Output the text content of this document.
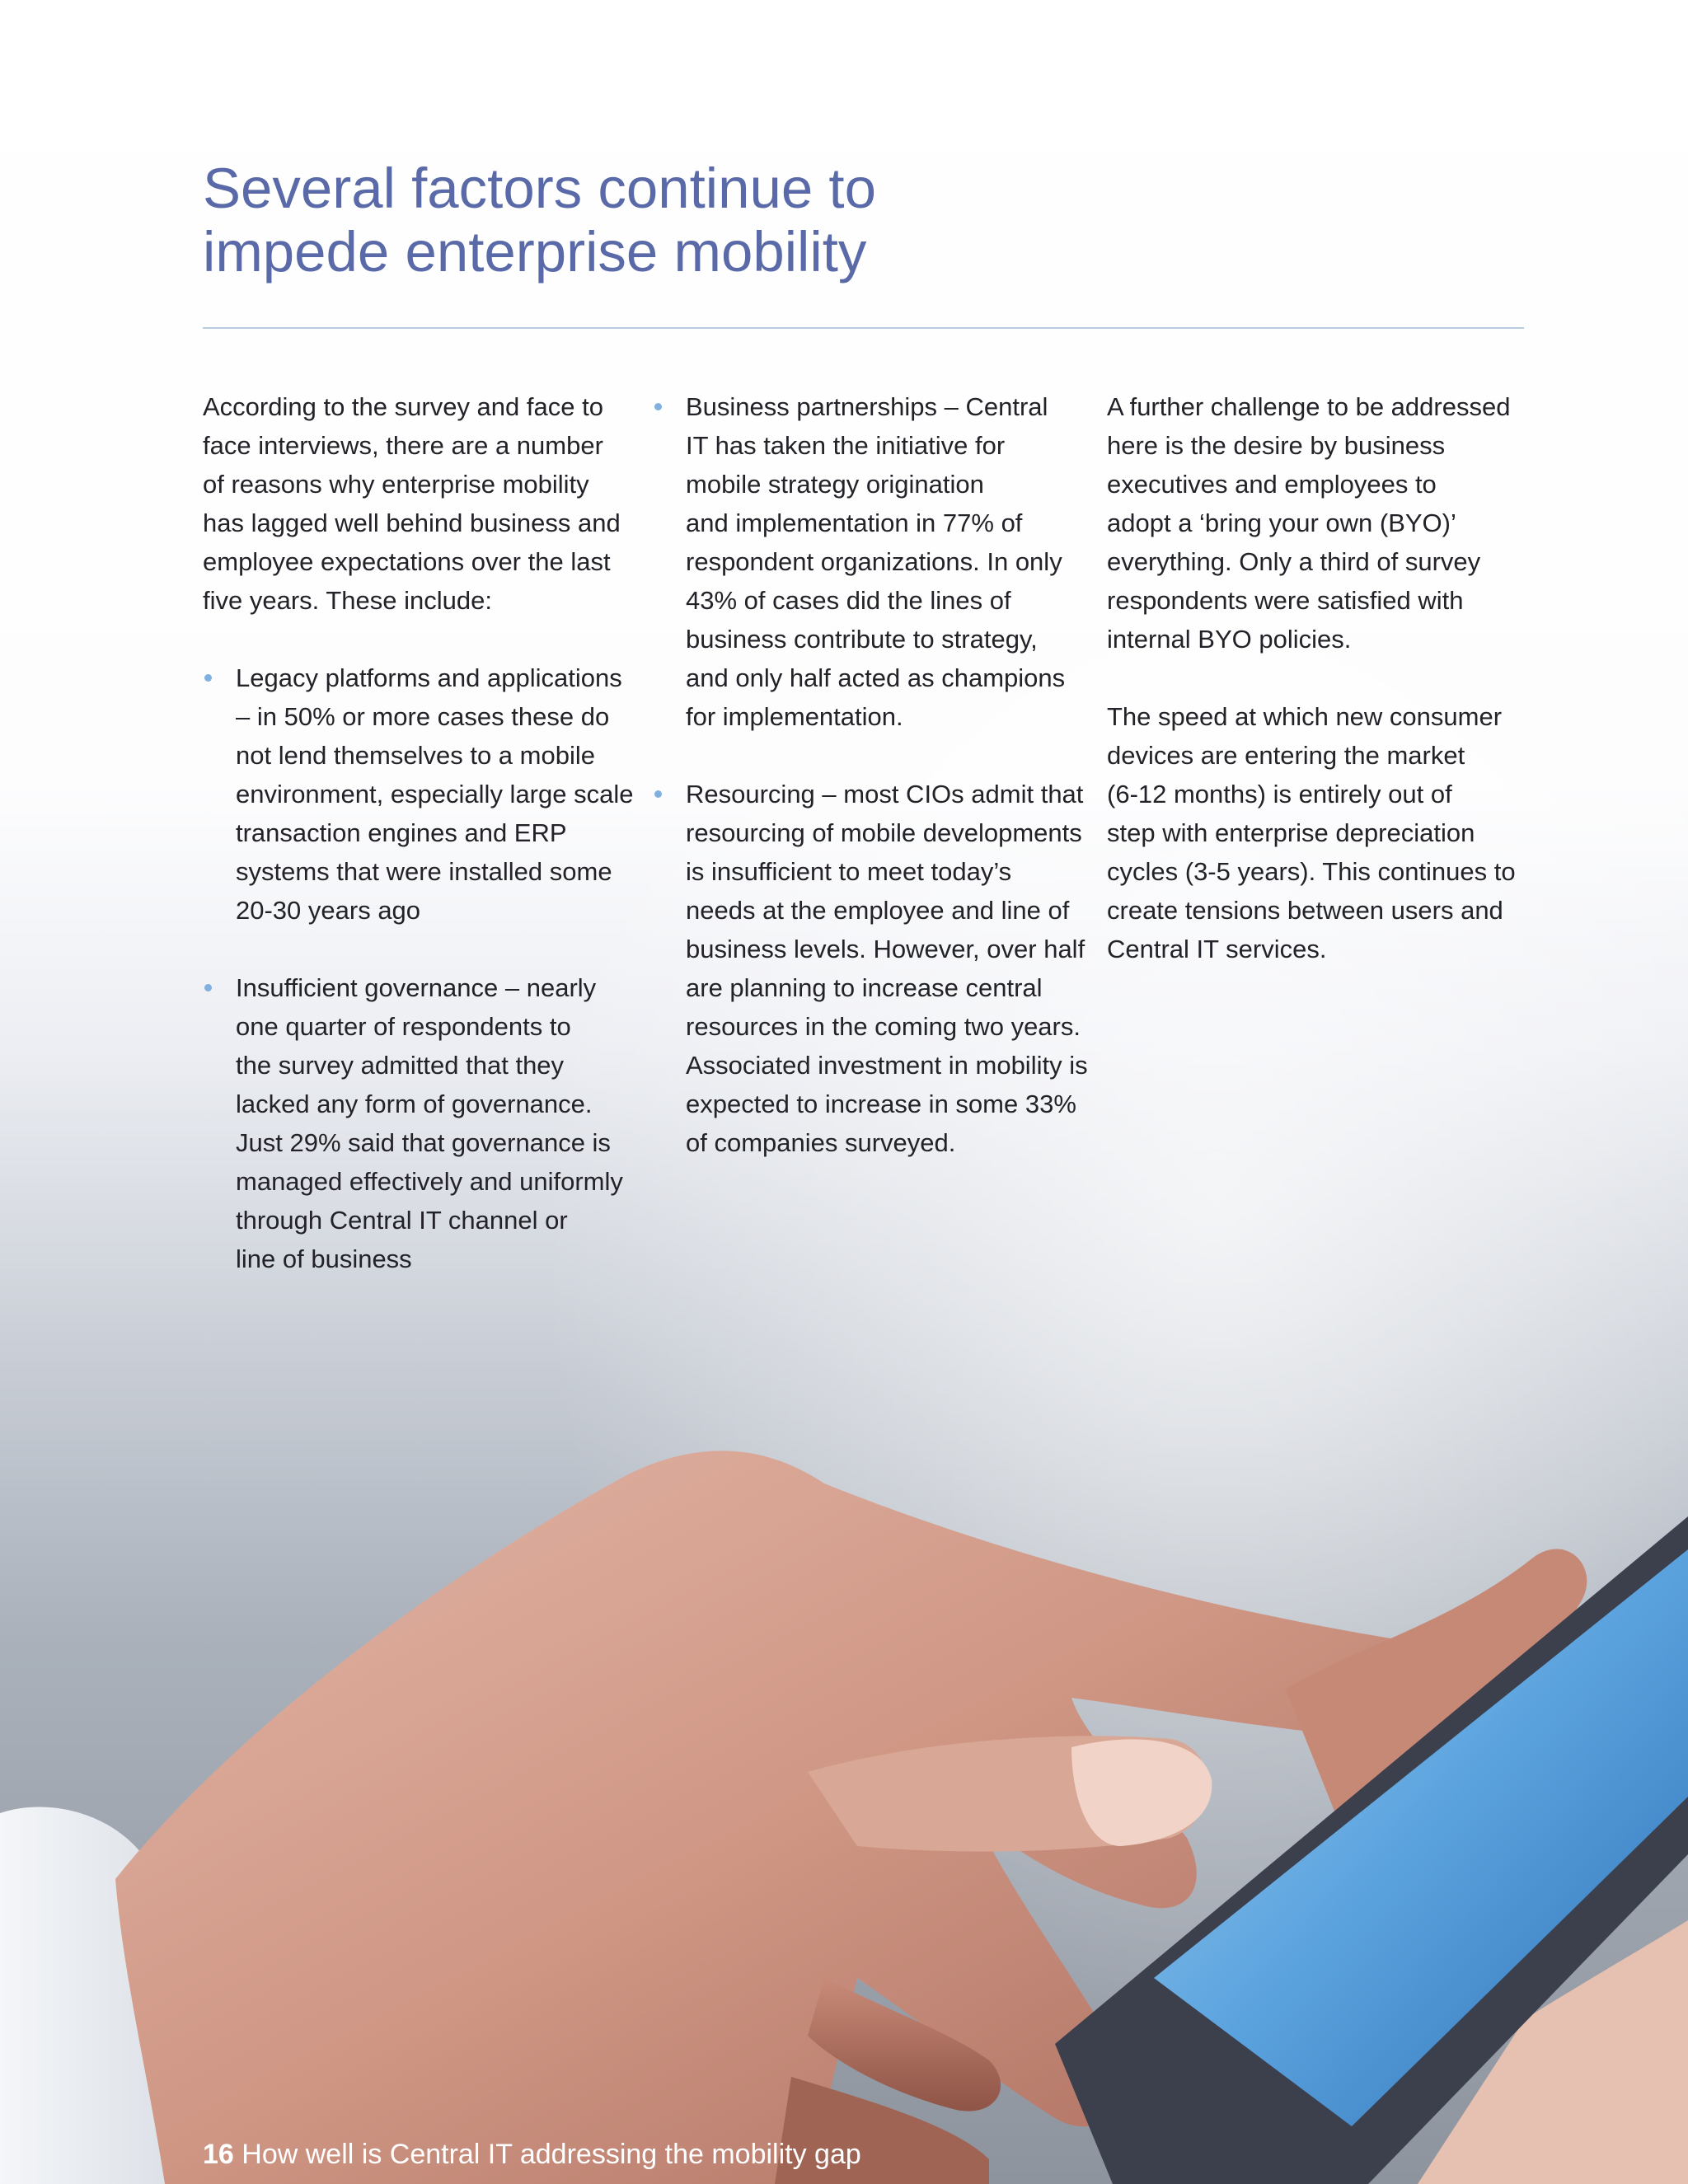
Several factors continue to
impede enterprise mobility

According to the survey and face to
face interviews, there are a number
of reasons why enterprise mobility
has lagged well behind business and
employee expectations over the last
five years. These include:

Legacy platforms and applications
– in 50% or more cases these do
not lend themselves to a mobile
environment, especially large scale
transaction engines and ERP
systems that were installed some
20-30 years ago

Insufficient governance – nearly
one quarter of respondents to
the survey admitted that they
lacked any form of governance.
Just 29% said that governance is
managed effectively and uniformly
through Central IT channel or
line of business

Business partnerships – Central
IT has taken the initiative for
mobile strategy origination
and implementation in 77% of
respondent organizations. In only
43% of cases did the lines of
business contribute to strategy,
and only half acted as champions
for implementation.

Resourcing – most CIOs admit that
resourcing of mobile developments
is insufficient to meet today’s
needs at the employee and line of
business levels. However, over half
are planning to increase central
resources in the coming two years.
Associated investment in mobility is
expected to increase in some 33%
of companies surveyed.

A further challenge to be addressed
here is the desire by business
executives and employees to
adopt a ‘bring your own (BYO)’
everything. Only a third of survey
respondents were satisfied with
internal BYO policies.

The speed at which new consumer
devices are entering the market
(6-12 months) is entirely out of
step with enterprise depreciation
cycles (3-5 years). This continues to
create tensions between users and
Central IT services.

16 How well is Central IT addressing the mobility gap
